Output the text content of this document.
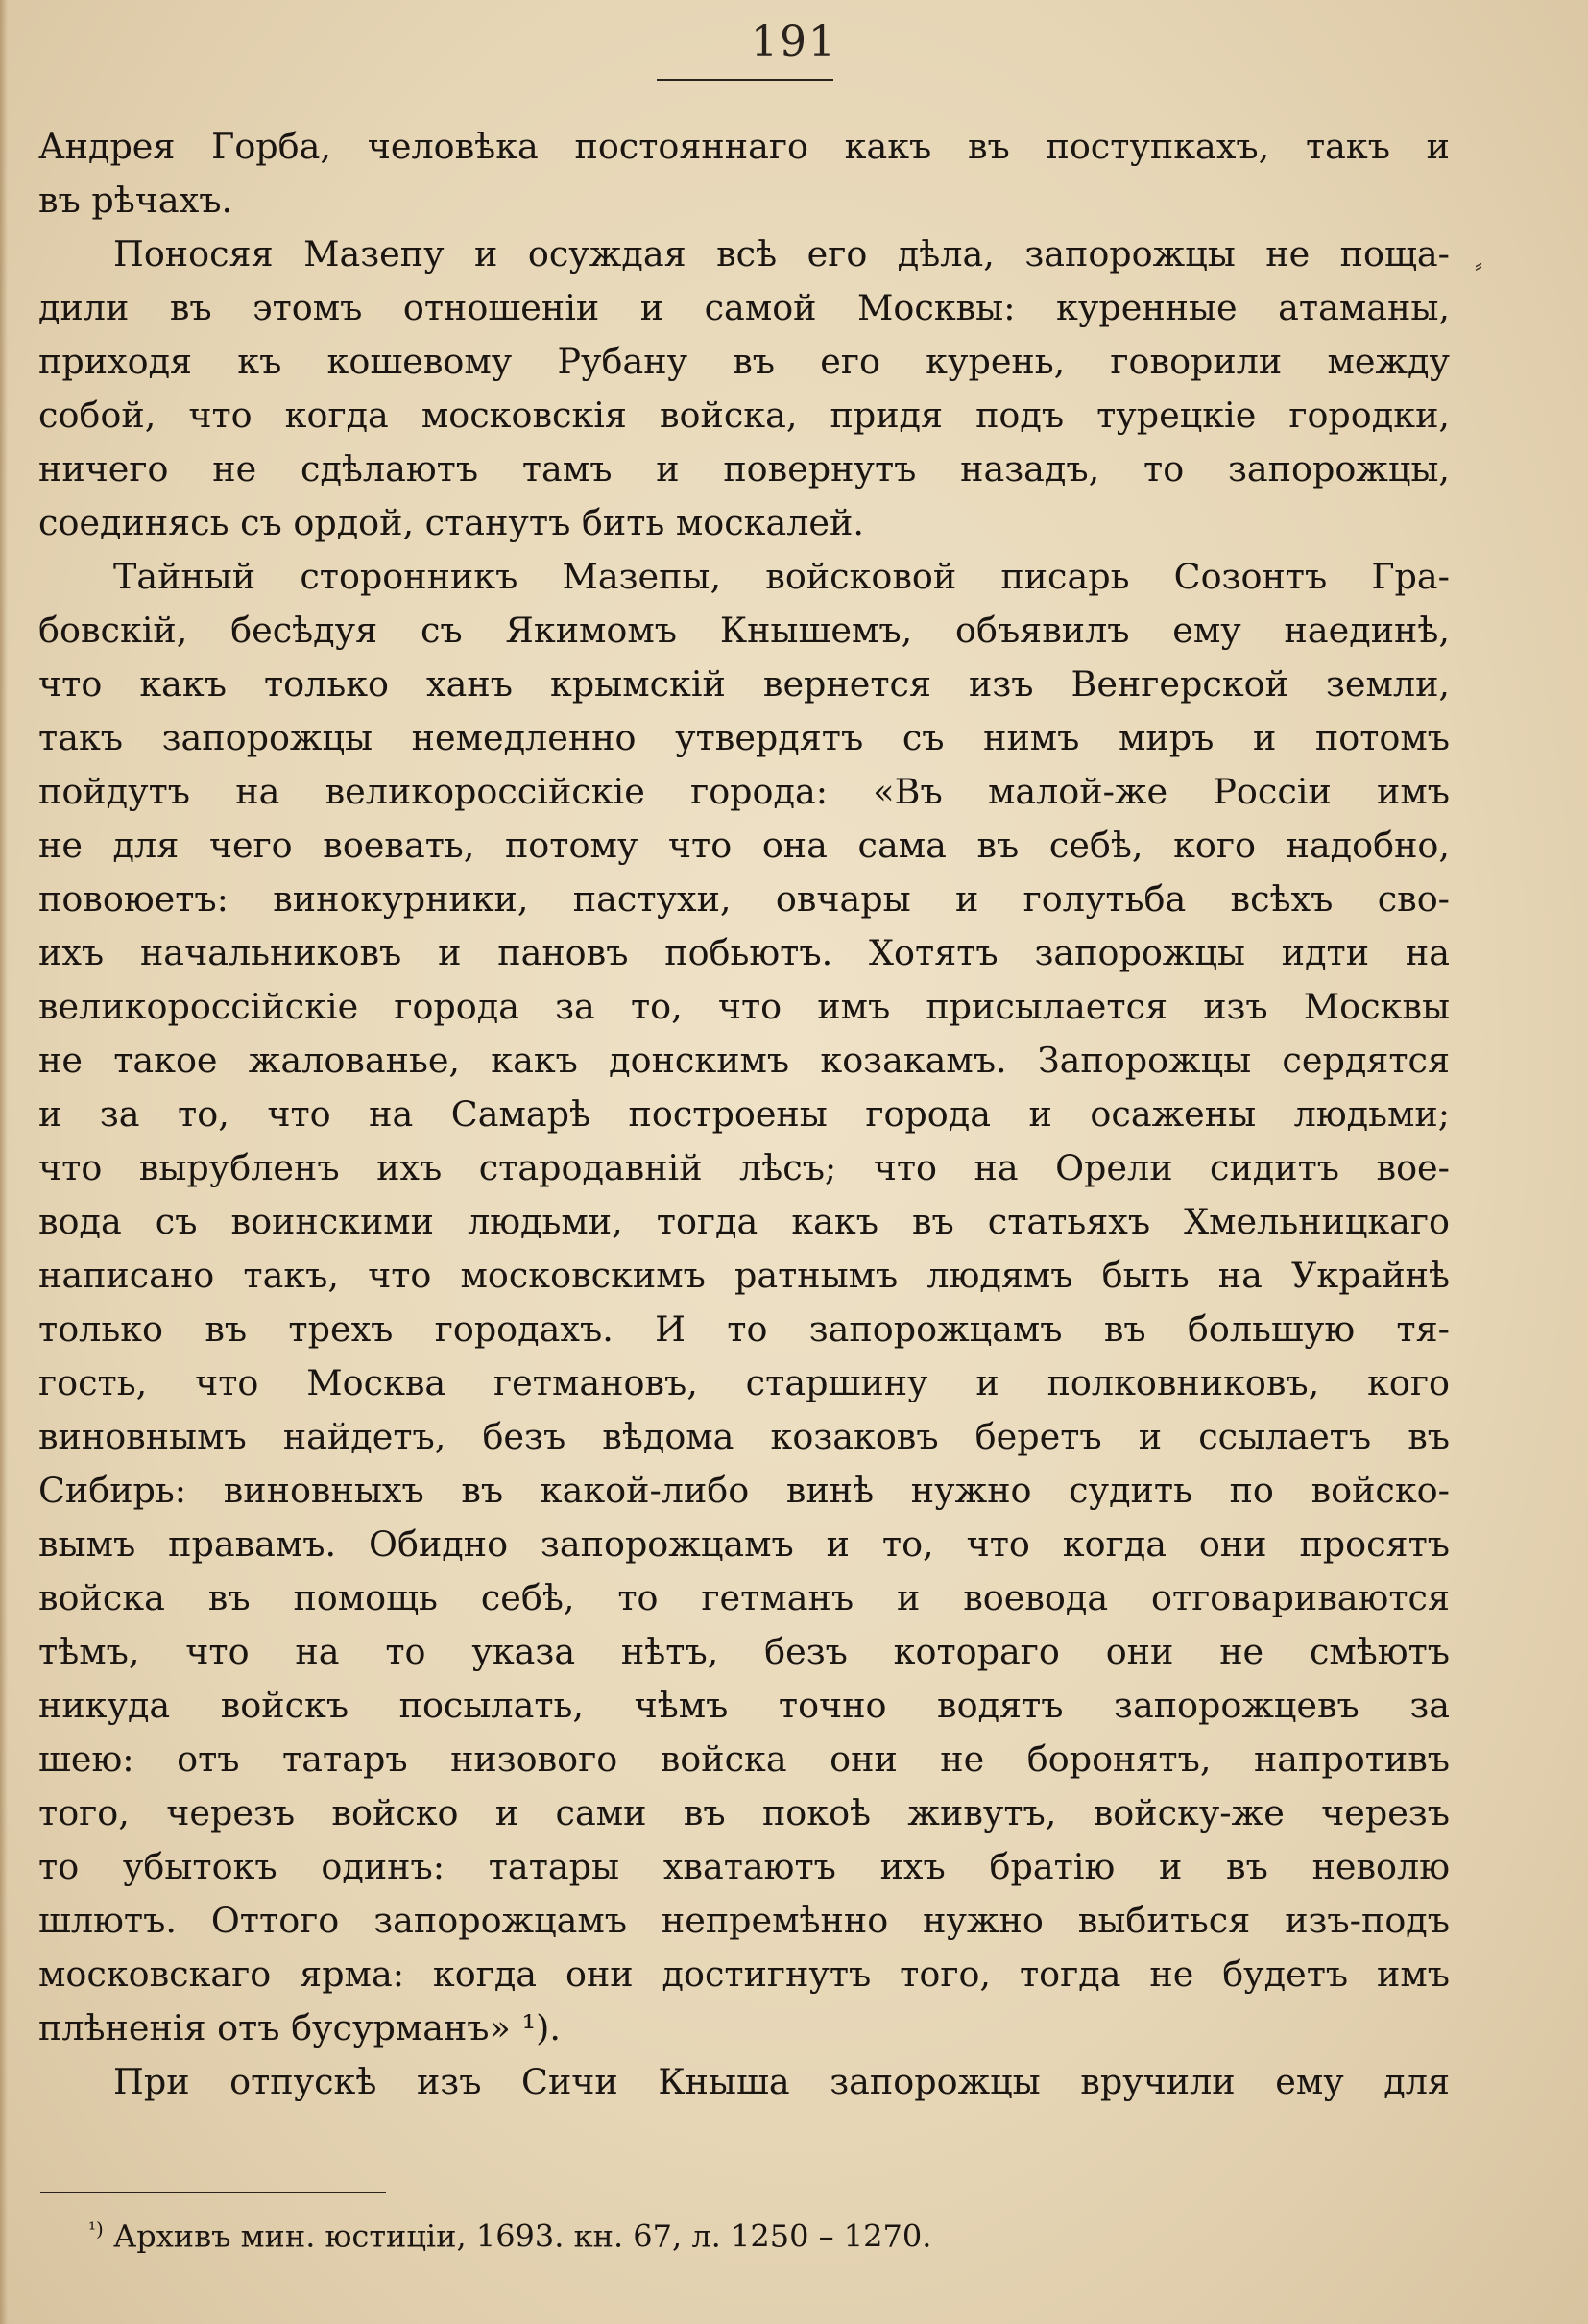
191
⸗
Андрея Горба, человѣка постояннаго какъ въ поступкахъ, такъ и
въ рѣчахъ.
Поносяя Мазепу и осуждая всѣ его дѣла, запорожцы не поща-
дили въ этомъ отношеніи и самой Москвы: куренные атаманы,
приходя къ кошевому Рубану въ его курень, говорили между
собой, что когда московскія войска, придя подъ турецкіе городки,
ничего не сдѣлаютъ тамъ и повернутъ назадъ, то запорожцы,
соединясь съ ордой, станутъ бить москалей.
Тайный сторонникъ Мазепы, войсковой писарь Созонтъ Гра-
бовскій, бесѣдуя съ Якимомъ Кнышемъ, объявилъ ему наединѣ,
что какъ только ханъ крымскій вернется изъ Венгерской земли,
такъ запорожцы немедленно утвердятъ съ нимъ миръ и потомъ
пойдутъ на великороссійскіе города: «Въ малой-же Россіи имъ
не для чего воевать, потому что она сама въ себѣ, кого надобно,
повоюетъ: винокурники, пастухи, овчары и голутьба всѣхъ сво-
ихъ начальниковъ и пановъ побьютъ. Хотятъ запорожцы идти на
великороссійскіе города за то, что имъ присылается изъ Москвы
не такое жалованье, какъ донскимъ козакамъ. Запорожцы сердятся
и за то, что на Самарѣ построены города и осажены людьми;
что вырубленъ ихъ стародавній лѣсъ; что на Орели сидитъ вое-
вода съ воинскими людьми, тогда какъ въ статьяхъ Хмельницкаго
написано такъ, что московскимъ ратнымъ людямъ быть на Украйнѣ
только въ трехъ городахъ. И то запорожцамъ въ большую тя-
гость, что Москва гетмановъ, старшину и полковниковъ, кого
виновнымъ найдетъ, безъ вѣдома козаковъ беретъ и ссылаетъ въ
Сибирь: виновныхъ въ какой-либо винѣ нужно судить по войско-
вымъ правамъ. Обидно запорожцамъ и то, что когда они просятъ
войска въ помощь себѣ, то гетманъ и воевода отговариваются
тѣмъ, что на то указа нѣтъ, безъ котораго они не смѣютъ
никуда войскъ посылать, чѣмъ точно водятъ запорожцевъ за
шею: отъ татаръ низового войска они не боронятъ, напротивъ
того, черезъ войско и сами въ покоѣ живутъ, войску-же черезъ
то убытокъ одинъ: татары хватаютъ ихъ братію и въ неволю
шлютъ. Оттого запорожцамъ непремѣнно нужно выбиться изъ-подъ
московскаго ярма: когда они достигнутъ того, тогда не будетъ имъ
плѣненія отъ бусурманъ» ¹).
При отпускѣ изъ Сичи Кныша запорожцы вручили ему для
$^{^1)}$ Архивъ мин. юстиціи, 1693. кн. 67, л. 1250 – 1270.
